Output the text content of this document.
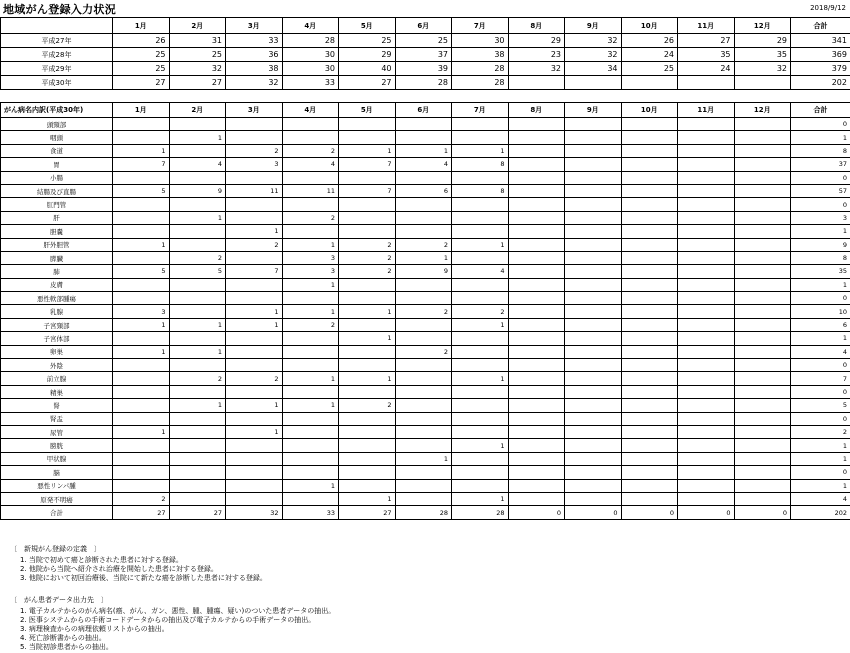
地域がん登録入力状況	2018/9/12
	1月	2月	3月	4月	5月	6月	7月	8月	9月	10月	11月	12月	合計
平成27年	26	31	33	28	25	25	30	29	32	26	27	29	341
平成28年	25	25	36	30	29	37	38	23	32	24	35	35	369
平成29年	25	32	38	30	40	39	28	32	34	25	24	32	379
平成30年	27	27	32	33	27	28	28						202
がん病名内訳(平成30年)	1月	2月	3月	4月	5月	6月	7月	8月	9月	10月	11月	12月	合計
頭頸部													0
咽頭		1											1
食道	1		2	2	1	1	1						8
胃	7	4	3	4	7	4	8						37
小腸													0
結腸及び直腸	5	9	11	11	7	6	8						57
肛門管													0
肝		1		2									3
胆嚢			1										1
肝外胆管	1		2	1	2	2	1						9
膵臓		2		3	2	1							8
肺	5	5	7	3	2	9	4						35
皮膚				1									1
悪性軟部腫瘍													0
乳腺	3		1	1	1	2	2						10
子宮頸部	1	1	1	2			1						6
子宮体部					1								1
卵巣	1	1				2							4
外陰													0
前立腺		2	2	1	1		1						7
精巣													0
腎		1	1	1	2								5
腎盂													0
尿管	1		1										2
膀胱							1						1
甲状腺						1							1
脳													0
悪性リンパ腫				1									1
原発不明癌	2				1		1						4
合計	27	27	32	33	27	28	28	0	0	0	0	0	202
〔　新規がん登録の定義　〕
1. 当院で初めて癌と診断された患者に対する登録。
2. 他院から当院へ紹介され治療を開始した患者に対する登録。
3. 他院において初回治療後、当院にて新たな癌を診断した患者に対する登録。
〔　がん患者データ出力先　〕
1. 電子カルテからのがん病名(癌、がん、ガン、悪性、腫、腫瘍、疑い)のついた患者データの抽出。
2. 医事システムからの手術コードデータからの抽出及び電子カルテからの手術データの抽出。
3. 病理検査からの病理依頼リストからの抽出。
4. 死亡診断書からの抽出。
5. 当院初診患者からの抽出。
